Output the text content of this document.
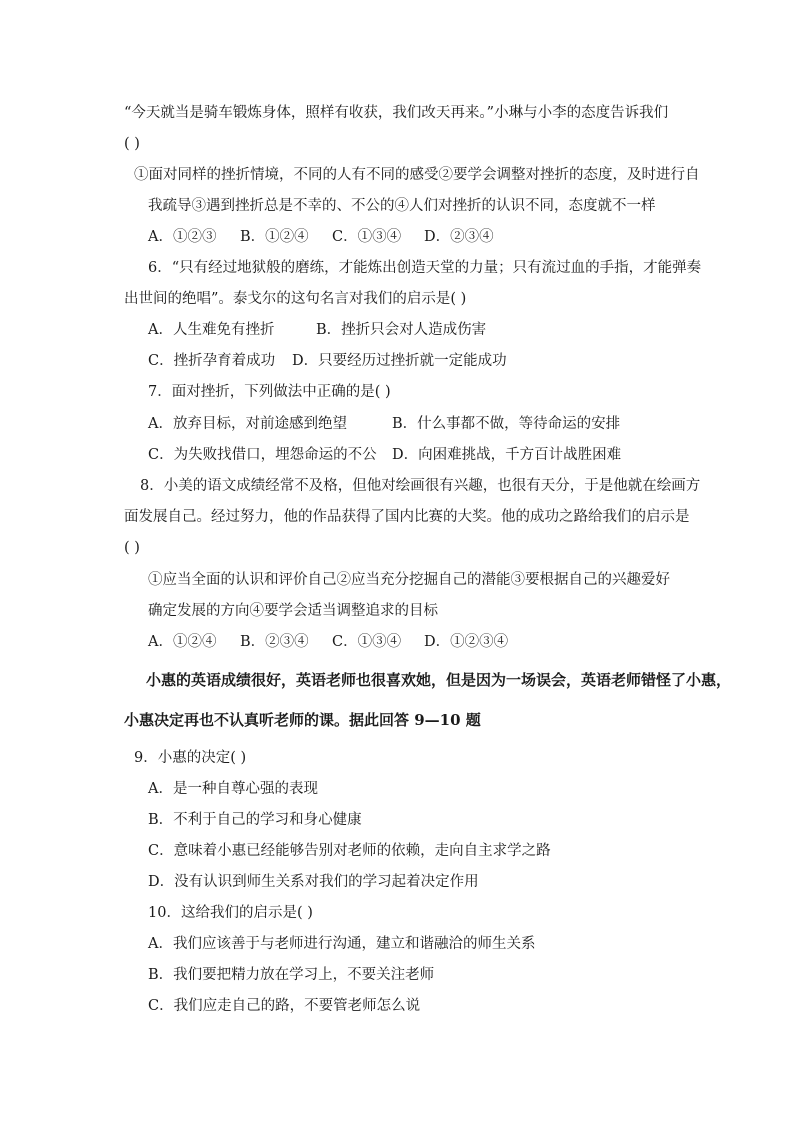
“今天就当是骑车锻炼身体，照样有收获，我们改天再来。”小琳与小李的态度告诉我们
( )
①面对同样的挫折情境，不同的人有不同的感受②要学会调整对挫折的态度，及时进行自
我疏导③遇到挫折总是不幸的、不公的④人们对挫折的认识不同，态度就不一样
A．①②③ B．①②④ C．①③④ D．②③④
6．“只有经过地狱般的磨练，才能炼出创造天堂的力量；只有流过血的手指，才能弹奏
出世间的绝唱”。泰戈尔的这句名言对我们的启示是( )
A．人生难免有挫折	B．挫折只会对人造成伤害
C．挫折孕育着成功 D．只要经历过挫折就一定能成功
7．面对挫折，下列做法中正确的是( )
A．放弃目标，对前途感到绝望	B．什么事都不做，等待命运的安排
C．为失败找借口，埋怨命运的不公 D．向困难挑战，千方百计战胜困难
8．小美的语文成绩经常不及格，但他对绘画很有兴趣，也很有天分，于是他就在绘画方
面发展自己。经过努力，他的作品获得了国内比赛的大奖。他的成功之路给我们的启示是
( )
①应当全面的认识和评价自己②应当充分挖掘自己的潜能③要根据自己的兴趣爱好
确定发展的方向④要学会适当调整追求的目标
A．①②④ B．②③④ C．①③④ D．①②③④
小惠的英语成绩很好，英语老师也很喜欢她，但是因为一场误会，英语老师错怪了小惠，
小惠决定再也不认真听老师的课。据此回答 9—10 题
9．小惠的决定( )
A．是一种自尊心强的表现
B．不利于自己的学习和身心健康
C．意味着小惠已经能够告别对老师的依赖，走向自主求学之路
D．没有认识到师生关系对我们的学习起着决定作用
10．这给我们的启示是( )
A．我们应该善于与老师进行沟通，建立和谐融洽的师生关系
B．我们要把精力放在学习上，不要关注老师
C．我们应走自己的路，不要管老师怎么说
